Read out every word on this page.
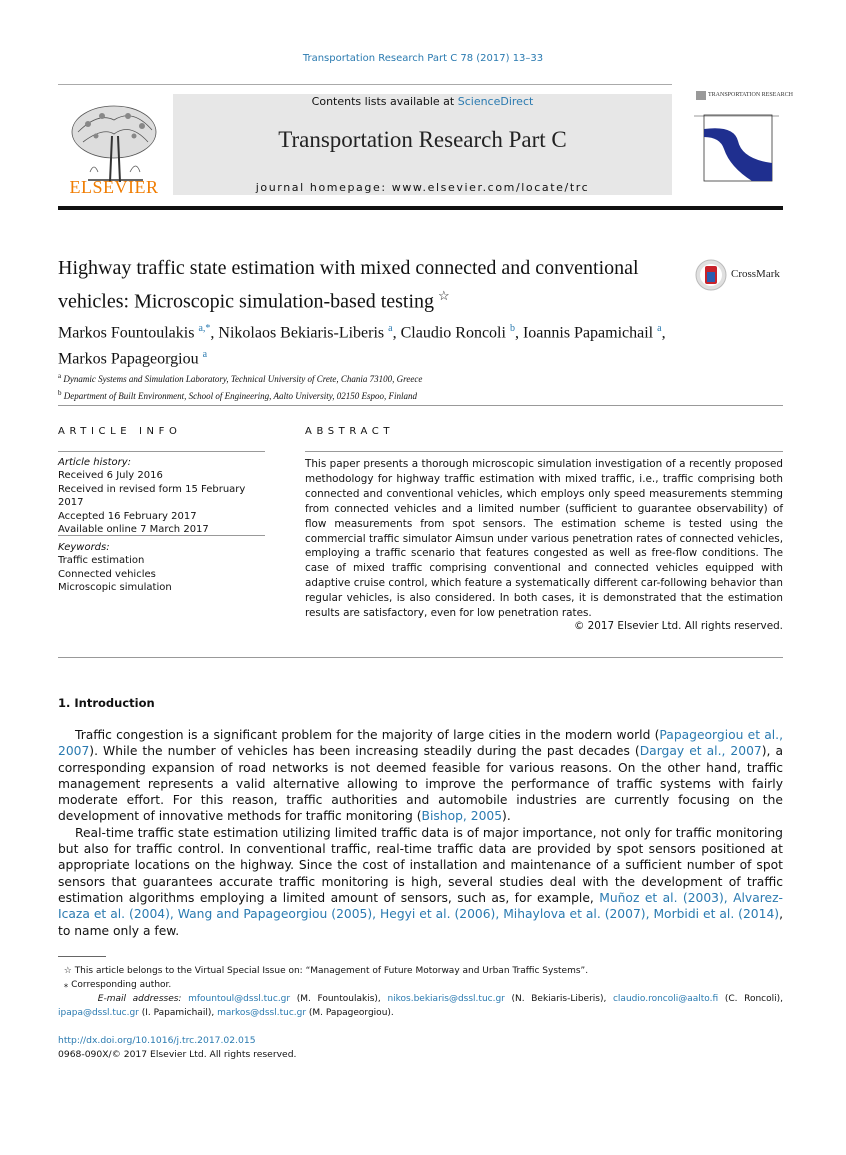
Transportation Research Part C 78 (2017) 13–33
ELSEVIER
Contents lists available at ScienceDirect
Transportation Research Part C
journal homepage: www.elsevier.com/locate/trc
TRANSPORTATION RESEARCH
Highway traffic state estimation with mixed connected and conventional vehicles: Microscopic simulation-based testing ☆
CrossMark
Markos Fountoulakis $^{a,*}$, Nikolaos Bekiaris-Liberis $^a$, Claudio Roncoli $^b$, Ioannis Papamichail $^a$,
Markos Papageorgiou $^a$
$^a$ Dynamic Systems and Simulation Laboratory, Technical University of Crete, Chania 73100, Greece
$^b$ Department of Built Environment, School of Engineering, Aalto University, 02150 Espoo, Finland
ARTICLE INFO	ABSTRACT
Article history:
Received 6 July 2016
Received in revised form 15 February 2017
Accepted 16 February 2017
Available online 7 March 2017
Keywords:
Traffic estimation
Connected vehicles
Microscopic simulation
This paper presents a thorough microscopic simulation investigation of a recently proposed methodology for highway traffic estimation with mixed traffic, i.e., traffic comprising both connected and conventional vehicles, which employs only speed measurements stemming from connected vehicles and a limited number (sufficient to guarantee observability) of flow measurements from spot sensors. The estimation scheme is tested using the commercial traffic simulator Aimsun under various penetration rates of connected vehicles, employing a traffic scenario that features congested as well as free-flow conditions. The case of mixed traffic comprising conventional and connected vehicles equipped with adaptive cruise control, which feature a systematically different car-following behavior than regular vehicles, is also considered. In both cases, it is demonstrated that the estimation results are satisfactory, even for low penetration rates.
© 2017 Elsevier Ltd. All rights reserved.
1. Introduction

Traffic congestion is a significant problem for the majority of large cities in the modern world (Papageorgiou et al., 2007). While the number of vehicles has been increasing steadily during the past decades (Dargay et al., 2007), a corresponding expansion of road networks is not deemed feasible for various reasons. On the other hand, traffic management represents a valid alternative allowing to improve the performance of traffic systems with fairly moderate effort. For this reason, traffic authorities and automobile industries are currently focusing on the development of innovative methods for traffic monitoring (Bishop, 2005).

Real-time traffic state estimation utilizing limited traffic data is of major importance, not only for traffic monitoring but also for traffic control. In conventional traffic, real-time traffic data are provided by spot sensors positioned at appropriate locations on the highway. Since the cost of installation and maintenance of a sufficient number of spot sensors that guarantees accurate traffic monitoring is high, several studies deal with the development of traffic estimation algorithms employing a limited amount of sensors, such as, for example, Muñoz et al. (2003), Alvarez-Icaza et al. (2004), Wang and Papageorgiou (2005), Hegyi et al. (2006), Mihaylova et al. (2007), Morbidi et al. (2014), to name only a few.

☆ This article belongs to the Virtual Special Issue on: “Management of Future Motorway and Urban Traffic Systems”.
⁎ Corresponding author.
E-mail addresses: mfountoul@dssl.tuc.gr (M. Fountoulakis), nikos.bekiaris@dssl.tuc.gr (N. Bekiaris-Liberis), claudio.roncoli@aalto.fi (C. Roncoli), ipapa@dssl.tuc.gr (I. Papamichail), markos@dssl.tuc.gr (M. Papageorgiou).
http://dx.doi.org/10.1016/j.trc.2017.02.015
0968-090X/© 2017 Elsevier Ltd. All rights reserved.
